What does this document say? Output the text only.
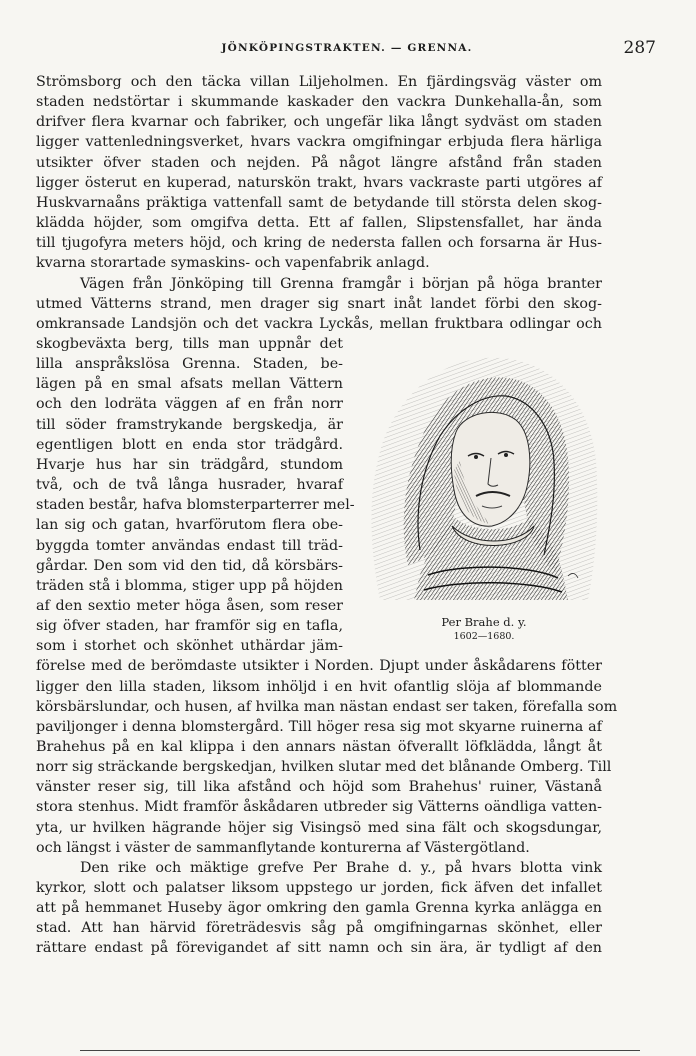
JÖNKÖPINGSTRAKTEN. — GRENNA.	287
Strömsborg och den täcka villan Liljeholmen. En fjärdingsväg väster om
staden nedstörtar i skummande kaskader den vackra Dunkehalla-ån, som
drifver flera kvarnar och fabriker, och ungefär lika långt sydväst om staden
ligger vattenledningsverket, hvars vackra omgifningar erbjuda flera härliga
utsikter öfver staden och nejden. På något längre afstånd från staden
ligger österut en kuperad, naturskön trakt, hvars vackraste parti utgöres af
Huskvarnaåns präktiga vattenfall samt de betydande till största delen skog-
klädda höjder, som omgifva detta. Ett af fallen, Slipstensfallet, har ända
till tjugofyra meters höjd, och kring de nedersta fallen och forsarna är Hus-
kvarna storartade symaskins- och vapenfabrik anlagd.
Vägen från Jönköping till Grenna framgår i början på höga branter
utmed Vätterns strand, men drager sig snart inåt landet förbi den skog-
omkransade Landsjön och det vackra Lyckås, mellan fruktbara odlingar och
skogbeväxta berg, tills man uppnår det
lilla anspråkslösa Grenna. Staden, be-
lägen på en smal afsats mellan Vättern
och den lodräta väggen af en från norr
till söder framstrykande bergskedja, är
egentligen blott en enda stor trädgård.
Hvarje hus har sin trädgård, stundom
två, och de två långa husrader, hvaraf
staden består, hafva blomsterparterrer mel-
lan sig och gatan, hvarförutom flera obe-
byggda tomter användas endast till träd-
gårdar. Den som vid den tid, då körsbärs-
träden stå i blomma, stiger upp på höjden
af den sextio meter höga åsen, som reser
sig öfver staden, har framför sig en tafla,
som i storhet och skönhet uthärdar jäm-
förelse med de berömdaste utsikter i Norden. Djupt under åskådarens fötter
ligger den lilla staden, liksom inhöljd i en hvit ofantlig slöja af blommande
körsbärslundar, och husen, af hvilka man nästan endast ser taken, förefalla som
paviljonger i denna blomstergård. Till höger resa sig mot skyarne ruinerna af
Brahehus på en kal klippa i den annars nästan öfverallt löfklädda, långt åt
norr sig sträckande bergskedjan, hvilken slutar med det blånande Omberg. Till
vänster reser sig, till lika afstånd och höjd som Brahehus' ruiner, Västanå
stora stenhus. Midt framför åskådaren utbreder sig Vätterns oändliga vatten-
yta, ur hvilken hägrande höjer sig Visingsö med sina fält och skogsdungar,
och längst i väster de sammanflytande konturerna af Västergötland.
Den rike och mäktige grefve Per Brahe d. y., på hvars blotta vink
kyrkor, slott och palatser liksom uppstego ur jorden, fick äfven det infallet
att på hemmanet Huseby ägor omkring den gamla Grenna kyrka anlägga en
stad. Att han härvid företrädesvis såg på omgifningarnas skönhet, eller
rättare endast på förevigandet af sitt namn och sin ära, är tydligt af den
Per Brahe d. y.
1602—1680.
